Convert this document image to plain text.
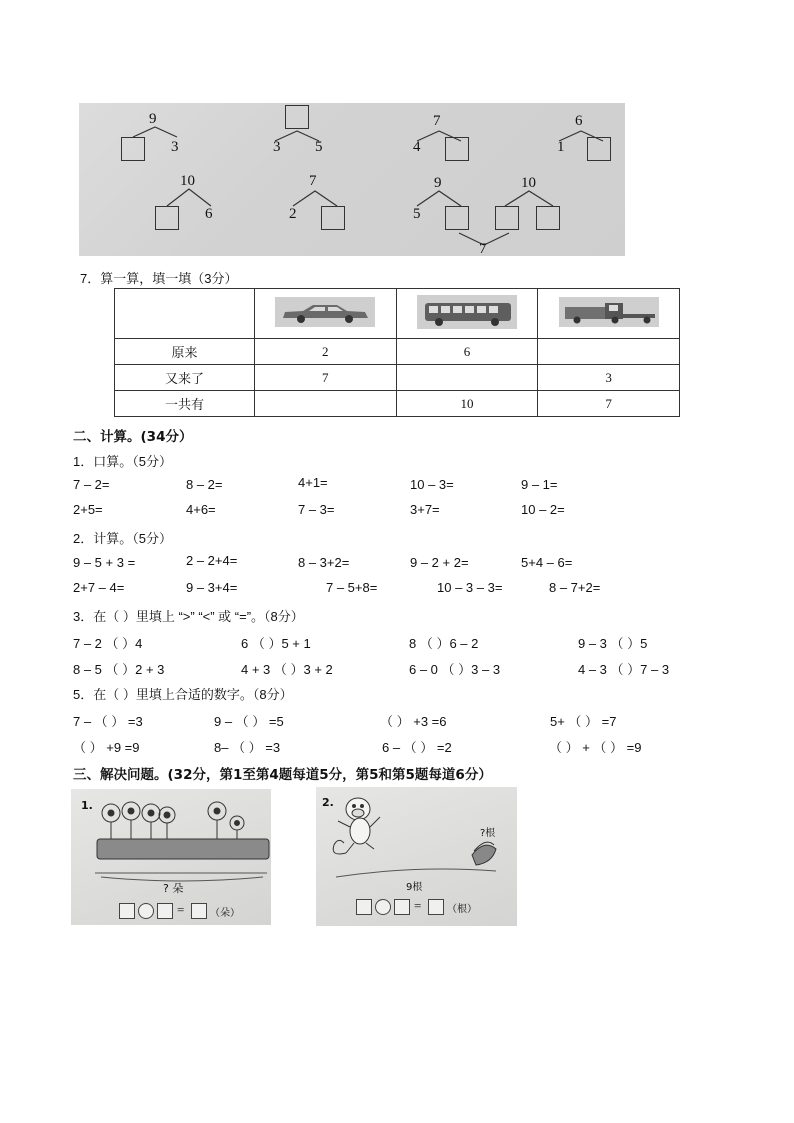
9
3	3 5
7
4
6
1
10
6
7
2
9
5
10
7
7．算一算，填一填（3分）

原来	2	6	
又来了	7		3
一共有		10	7
二、计算。(34分）
1．口算。（5分）
7 – 2=	8 – 2=	4+1=	10 – 3=	9 – 1=
2+5=	4+6=	7 – 3=	3+7=	10 – 2=
2．计算。（5分）
9 – 5 + 3 =	2 – 2+4=	8 – 3+2=	9 – 2 + 2=	5+4 – 6=
2+7 – 4=	9 – 3+4=	7 – 5+8=	10 – 3 – 3=	8 – 7+2=
3．在（ ）里填上 “>” “<” 或 “=”。（8分）
7 – 2 （ ）4	6 （ ）5 + 1	8 （ ）6 – 2	9 – 3 （ ）5
8 – 5 （ ）2 + 3	4 + 3 （ ）3 + 2	6 – 0 （ ）3 – 3	4 – 3 （ ）7 – 3
5．在（ ）里填上合适的数字。（8分）
7 – （ ） =3	9 – （ ） =5	（ ） +3 =6	5+ （ ） =7
（ ） +9 =9	8– （ ） =3	6 – （ ） =2	（ ） + （ ） =9
三、解决问题。(32分，第1至第4题每道5分，第5和第5题每道6分）
1.
? 朵
=	（朵）
2.
?根
9根
=	（根）
